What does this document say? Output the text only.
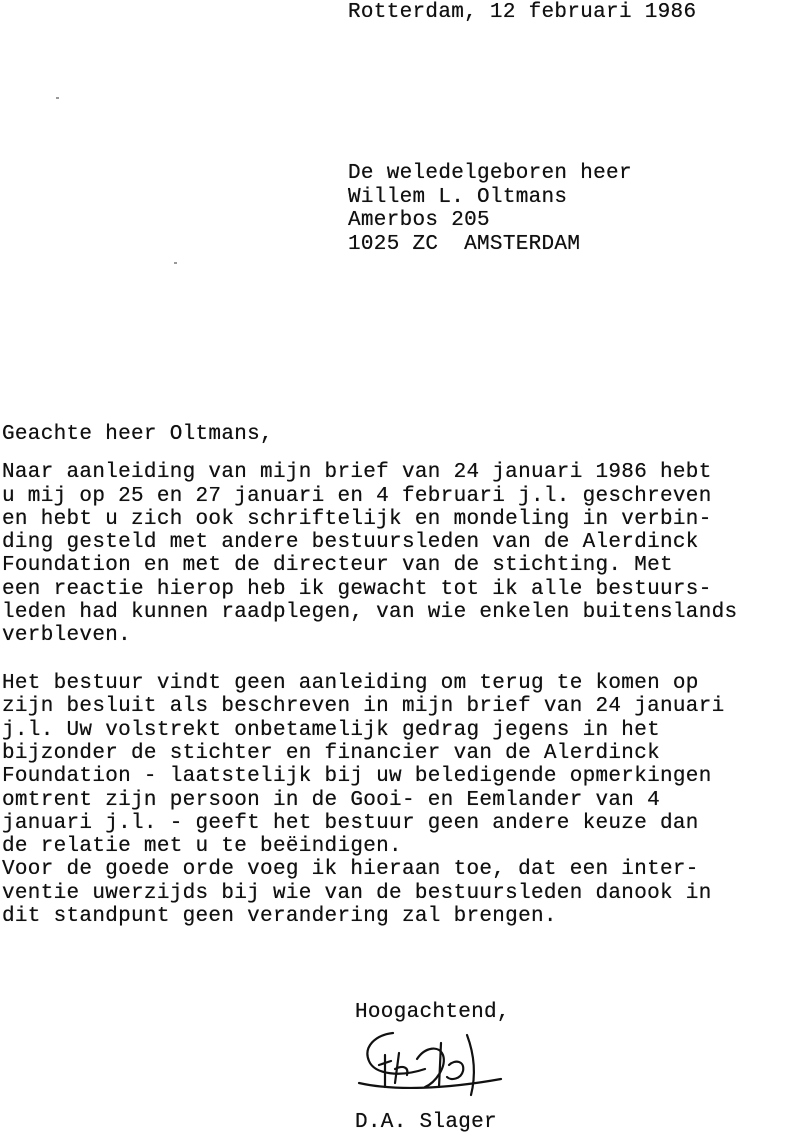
Rotterdam, 12 februari 1986
De weledelgeboren heer
Willem L. Oltmans
Amerbos 205
1025 ZC  AMSTERDAM
Geachte heer Oltmans,
Naar aanleiding van mijn brief van 24 januari 1986 hebt
u mij op 25 en 27 januari en 4 februari j.l. geschreven
en hebt u zich ook schriftelijk en mondeling in verbin-
ding gesteld met andere bestuursleden van de Alerdinck
Foundation en met de directeur van de stichting. Met
een reactie hierop heb ik gewacht tot ik alle bestuurs-
leden had kunnen raadplegen, van wie enkelen buitenslands
verbleven.
Het bestuur vindt geen aanleiding om terug te komen op
zijn besluit als beschreven in mijn brief van 24 januari
j.l. Uw volstrekt onbetamelijk gedrag jegens in het
bijzonder de stichter en financier van de Alerdinck
Foundation - laatstelijk bij uw beledigende opmerkingen
omtrent zijn persoon in de Gooi- en Eemlander van 4
januari j.l. - geeft het bestuur geen andere keuze dan
de relatie met u te beëindigen.
Voor de goede orde voeg ik hieraan toe, dat een inter-
ventie uwerzijds bij wie van de bestuursleden danook in
dit standpunt geen verandering zal brengen.
Hoogachtend,
D.A. Slager
